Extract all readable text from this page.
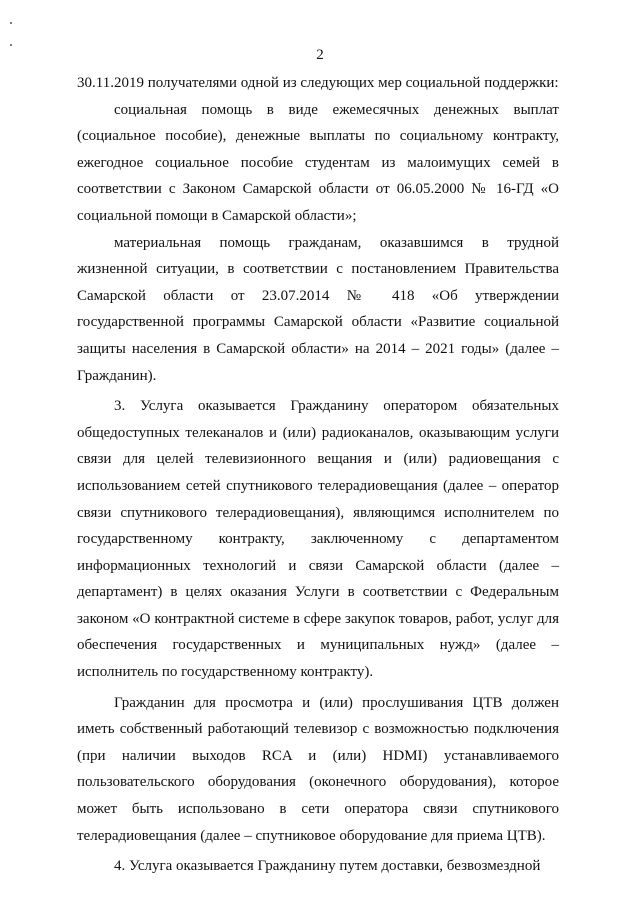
2

30.11.2019 получателями одной из следующих мер социальной поддержки:

социальная помощь в виде ежемесячных денежных выплат (социальное пособие), денежные выплаты по социальному контракту, ежегодное социальное пособие студентам из малоимущих семей в соответствии с Законом Самарской области от 06.05.2000 № 16-ГД «О социальной помощи в Самарской области»;

материальная помощь гражданам, оказавшимся в трудной жизненной ситуации, в соответствии с постановлением Правительства Самарской области от 23.07.2014 № 418 «Об утверждении государственной программы Самарской области «Развитие социальной защиты населения в Самарской области» на 2014 – 2021 годы» (далее – Гражданин).

3. Услуга оказывается Гражданину оператором обязательных общедоступных телеканалов и (или) радиоканалов, оказывающим услуги связи для целей телевизионного вещания и (или) радиовещания с использованием сетей спутникового телерадиовещания (далее – оператор связи спутникового телерадиовещания), являющимся исполнителем по государственному контракту, заключенному с департаментом информационных технологий и связи Самарской области (далее – департамент) в целях оказания Услуги в соответствии с Федеральным законом «О контрактной системе в сфере закупок товаров, работ, услуг для обеспечения государственных и муниципальных нужд» (далее – исполнитель по государственному контракту).

Гражданин для просмотра и (или) прослушивания ЦТВ должен иметь собственный работающий телевизор с возможностью подключения (при наличии выходов RCA и (или) HDMI) устанавливаемого пользовательского оборудования (оконечного оборудования), которое может быть использовано в сети оператора связи спутникового телерадиовещания (далее – спутниковое оборудование для приема ЦТВ).

4. Услуга оказывается Гражданину путем доставки, безвозмездной
